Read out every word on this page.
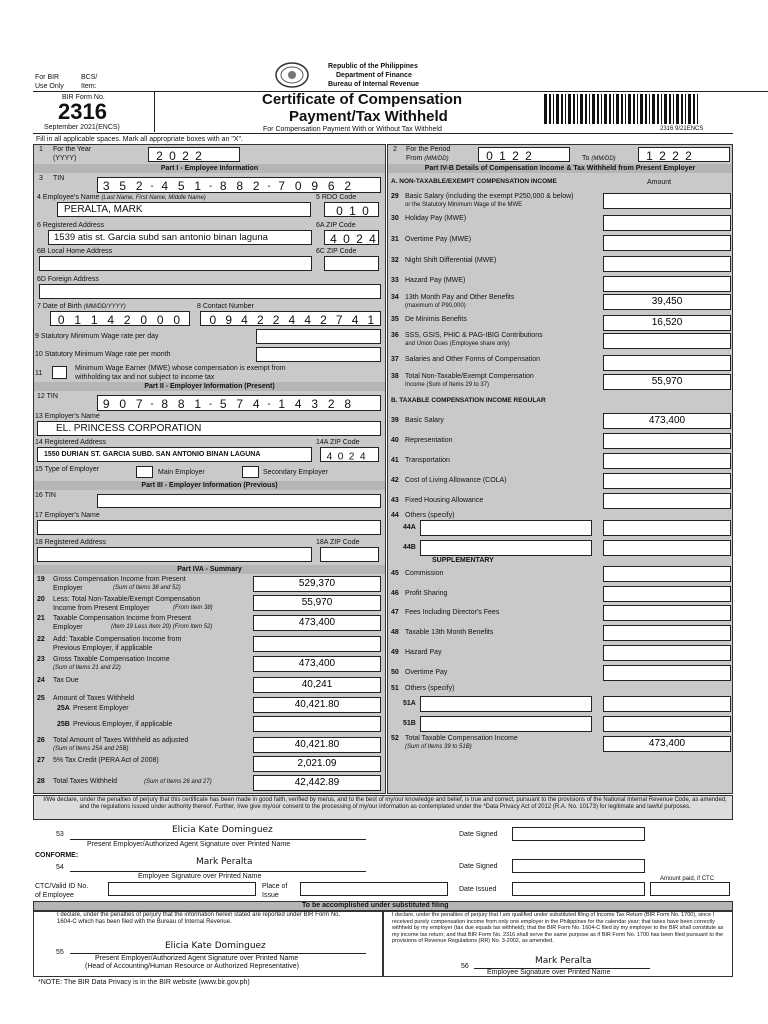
For BIR
Use Only
BCS/
Item:
Republic of the Philippines
Department of Finance
Bureau of Internal Revenue
BIR Form No.
2316
September 2021(ENCS)
Certificate of Compensation
Payment/Tax Withheld
For Compensation Payment With or Without Tax Withheld	2316 9/21ENCS
Fill in all applicable spaces. Mark all appropriate boxes with an "X".
1 For the Year
(YYYY)	2 0 2 2
Part I - Employee Information
3 TIN
3 5 2 - 4 5 1 - 8 8 2 - 7 0 9 6 2
4 Employee's Name (Last Name, First Name, Middle Name)
PERALTA, MARK
5 RDO Code
0 1 0
6 Registered Address
1539 atis st. Garcia subd san antonio binan laguna
6A ZIP Code
4 0 2 4
6B Local Home Address	6C ZIP Code
6D Foreign Address
7 Date of Birth (MM/DD/YYYY)
0 1 1 4 2 0 0 0
8 Contact Number
0 9 4 2 2 4 4 2 7 4 1
9 Statutory Minimum Wage rate per day
10 Statutory Minimum Wage rate per month
11
Minimum Wage Earner (MWE) whose compensation is exempt from
withholding tax and not subject to income tax
Part II - Employer Information (Present)
12 TIN
9 0 7 - 8 8 1 - 5 7 4 - 1 4 3 2 8
13 Employer's Name
EL. PRINCESS CORPORATION
14 Registered Address
1550 DURIAN ST. GARCIA SUBD. SAN ANTONIO BINAN LAGUNA
14A ZIP Code
4 0 2 4
15 Type of Employer	Main Employer	Secondary Employer
Part III - Employer Information (Previous)
16 TIN
17 Employer's Name
18 Registered Address	18A ZIP Code
Part IVA - Summary
19 Gross Compensation Income from Present
Employer	(Sum of Items 38 and 52)	529,370
20 Less: Total Non-Taxable/Exempt Compensation
Income from Present Employer	(From Item 38)	55,970
21 Taxable Compensation Income from Present
Employer	(Item 19 Less Item 20) (From Item 52)	473,400
22 Add: Taxable Compensation Income from
Previous Employer, if applicable
23 Gross Taxable Compensation Income
(Sum of Items 21 and 22)	473,400
24 Tax Due	40,241
25 Amount of Taxes Withheld
25A Present Employer	40,421.80
25B Previous Employer, if applicable
26 Total Amount of Taxes Withheld as adjusted
(Sum of Items 25A and 25B)	40,421.80
27 5% Tax Credit (PERA Act of 2008)	2,021.09
28 Total Taxes Withheld	(Sum of Items 26 and 27)	42,442.89
2 For the Period
From (MM/DD)	0 1 2 2	To (MM/DD)	1 2 2 2
Part IV-B Details of Compensation Income & Tax Withheld from Present Employer
A. NON-TAXABLE/EXEMPT COMPENSATION INCOME	Amount
29 Basic Salary (including the exempt P250,000 & below)
or the Statutory Minimum Wage of the MWE
30 Holiday Pay (MWE)
31 Overtime Pay (MWE)
32 Night Shift Differential (MWE)
33 Hazard Pay (MWE)
34 13th Month Pay and Other Benefits
(maximum of P90,000)	39,450
35 De Minimis Benefits	16,520
36 SSS, GSIS, PHIC & PAG-IBIG Contributions
and Union Dues (Employee share only)
37 Salaries and Other Forms of Compensation
38 Total Non-Taxable/Exempt Compensation
Income (Sum of Items 29 to 37)	55,970
B. TAXABLE COMPENSATION INCOME REGULAR
39 Basic Salary	473,400
40 Representation
41 Transportation
42 Cost of Living Allowance (COLA)
43 Fixed Housing Allowance
44 Others (specify)
44A
44B
SUPPLEMENTARY
45 Commission
46 Profit Sharing
47 Fees Including Director's Fees
48 Taxable 13th Month Benefits
49 Hazard Pay
50 Overtime Pay
51 Others (specify)
51A
51B
52 Total Taxable Compensation Income
(Sum of Items 39 to 51B)	473,400
I/We declare, under the penalties of perjury that this certificate has been made in good faith, verified by me/us, and to the best of my/our knowledge and belief, is true and correct, pursuant to the provisions of the National Internal Revenue Code, as amended, and the regulations issued under authority thereof. Further, I/we give my/our consent to the processing of my/our information as contemplated under the *Data Privacy Act of 2012 (R.A. No. 10173) for legitimate and lawful purposes.
53	Elicia Kate Dominguez
Present Employer/Authorized Agent Signature over Printed Name
Date Signed
CONFORME:
54
Mark Peralta
Employee Signature over Printed Name
Date Signed
Amount paid, if CTC
CTC/Valid ID No.
of Employee
Place of
Issue
Date Issued
To be accomplished under substituted filing
I declare, under the penalties of perjury that the information herein stated are reported under BIR Form No. 1604-C which has been filed with the Bureau of Internal Revenue.
55
Elicia Kate Dominguez
Present Employer/Authorized Agent Signature over Printed Name
(Head of Accounting/Human Resource or Authorized Representative)
I declare, under the penalties of perjury that I am qualified under substituted filing of Income Tax Return (BIR Form No. 1700), since I received purely compensation income from only one employer in the Philippines for the calendar year; that taxes have been correctly withheld by my employer (tax due equals tax withheld); that the BIR Form No. 1604-C filed by my employer to the BIR shall constitute as my income tax return; and that BIR Form No. 2316 shall serve the same purpose as if BIR Form No. 1700 has been filed pursuant to the provisions of Revenue Regulations (RR) No. 3-2002, as amended.
56
Mark Peralta
Employee Signature over Printed Name
*NOTE: The BIR Data Privacy is in the BIR website (www.bir.gov.ph)
